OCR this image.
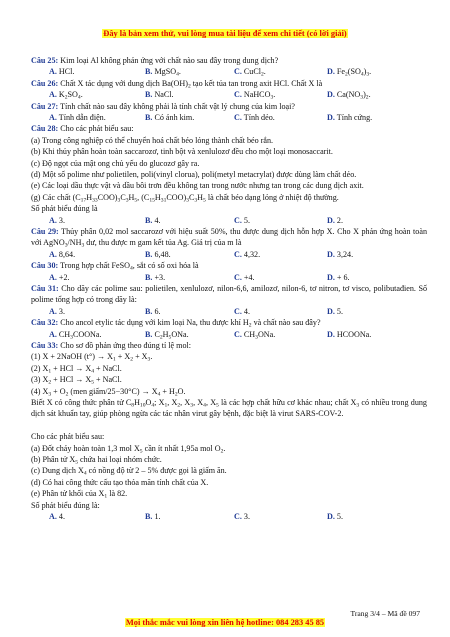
Đây là bản xem thử, vui lòng mua tài liệu để xem chi tiết (có lời giải)
Câu 25: Kim loại Al không phản ứng với chất nào sau đây trong dung dịch?
A. HCl.	B. MgSO$_4$.	C. CuCl$_2$.	D. $Fe_2(SO_4)_3$.
Câu 26: Chất X tác dụng với dung dịch $Ba(OH)_2$ tạo kết tủa tan trong axit HCl. Chất X là
A. $K_2SO_4$.	B. NaCl.	C. NaHCO$_3$.	D. $Ca(NO_3)_2$.
Câu 27: Tính chất nào sau đây không phải là tính chất vật lý chung của kim loại?
A. Tính dẫn điện.	B. Có ánh kim.	C. Tính dẻo.	D. Tính cứng.
Câu 28: Cho các phát biểu sau:
(a) Trong công nghiệp có thể chuyển hoá chất béo lỏng thành chất béo rắn.
(b) Khi thủy phân hoàn toàn saccarozơ, tinh bột và xenlulozơ đều cho một loại monosaccarit.
(c) Độ ngọt của mật ong chủ yếu do glucozơ gây ra.
(d) Một số polime như polietilen, poli(vinyl clorua), poli(metyl metacrylat) được dùng làm chất dẻo.
(e) Các loại dầu thực vật và dầu bôi trơn đều không tan trong nước nhưng tan trong các dung dịch axit.
(g) Các chất $(C_{17}H_{33}COO)_3C_3H_5$, $(C_{15}H_{31}COO)_3C_3H_5$ là chất béo dạng lỏng ở nhiệt độ thường.
Số phát biểu đúng là
A. 3.	B. 4.	C. 5.	D. 2.
Câu 29: Thủy phân 0,02 mol saccarozơ với hiệu suất 50%, thu được dung dịch hỗn hợp X. Cho X phản ứng hoàn toàn với $AgNO_3/NH_3$ dư, thu được m gam kết tủa Ag. Giá trị của m là
A. 8,64.	B. 6,48.	C. 4,32.	D. 3,24.
Câu 30: Trong hợp chất FeSO$_4$, sắt có số oxi hóa là
A. +2.	B. +3.	C. +4.	D. + 6.
Câu 31: Cho dãy các polime sau: polietilen, xenlulozơ, nilon-6,6, amilozơ, nilon-6, tơ nitron, tơ visco, polibutađien. Số polime tổng hợp có trong dãy là:
A. 3.	B. 6.	C. 4.	D. 5.
Câu 32: Cho ancol etylic tác dụng với kim loại Na, thu được khí $H_2$ và chất nào sau đây?
A. $CH_3COONa$.	B. $C_2H_5ONa$.	C. $CH_3ONa$.	D. HCOONa.
Câu 33: Cho sơ đồ phản ứng theo đúng tỉ lệ mol:
(1) X + 2NaOH $(t^\circ) \to X_1 + X_2 + X_3$.
(2) $X_1$ + HCl → $X_4$ + NaCl.
(3) $X_2$ + HCl → $X_5$ + NaCl.
(4) $X_3 + O_2$ (men giấm/25−30°C) → $X_4 + H_2O$.
Biết X có công thức phân tử $C_8H_{10}O_4$; $X_1$, $X_2$, $X_3$, $X_4$, $X_5$ là các hợp chất hữu cơ khác nhau; chất $X_3$ có nhiều trong dung dịch sát khuẩn tay, giúp phòng ngừa các tác nhân virut gây bệnh, đặc biệt là virut SARS-COV-2.
Cho các phát biểu sau:
(a) Đốt cháy hoàn toàn 1,3 mol $X_5$ cần ít nhất 1,95a mol $O_2$.
(b) Phân tử $X_5$ chứa hai loại nhóm chức.
(c) Dung dịch $X_4$ có nồng độ từ 2 – 5% được gọi là giấm ăn.
(d) Có hai công thức cấu tạo thỏa mãn tính chất của X.
(e) Phân tử khối của $X_1$ là 82.
Số phát biểu đúng là:
A. 4.	B. 1.	C. 3.	D. 5.
Trang 3/4 – Mã đề 097
Mọi thắc mắc vui lòng xin liên hệ hotline: 084 283 45 85
